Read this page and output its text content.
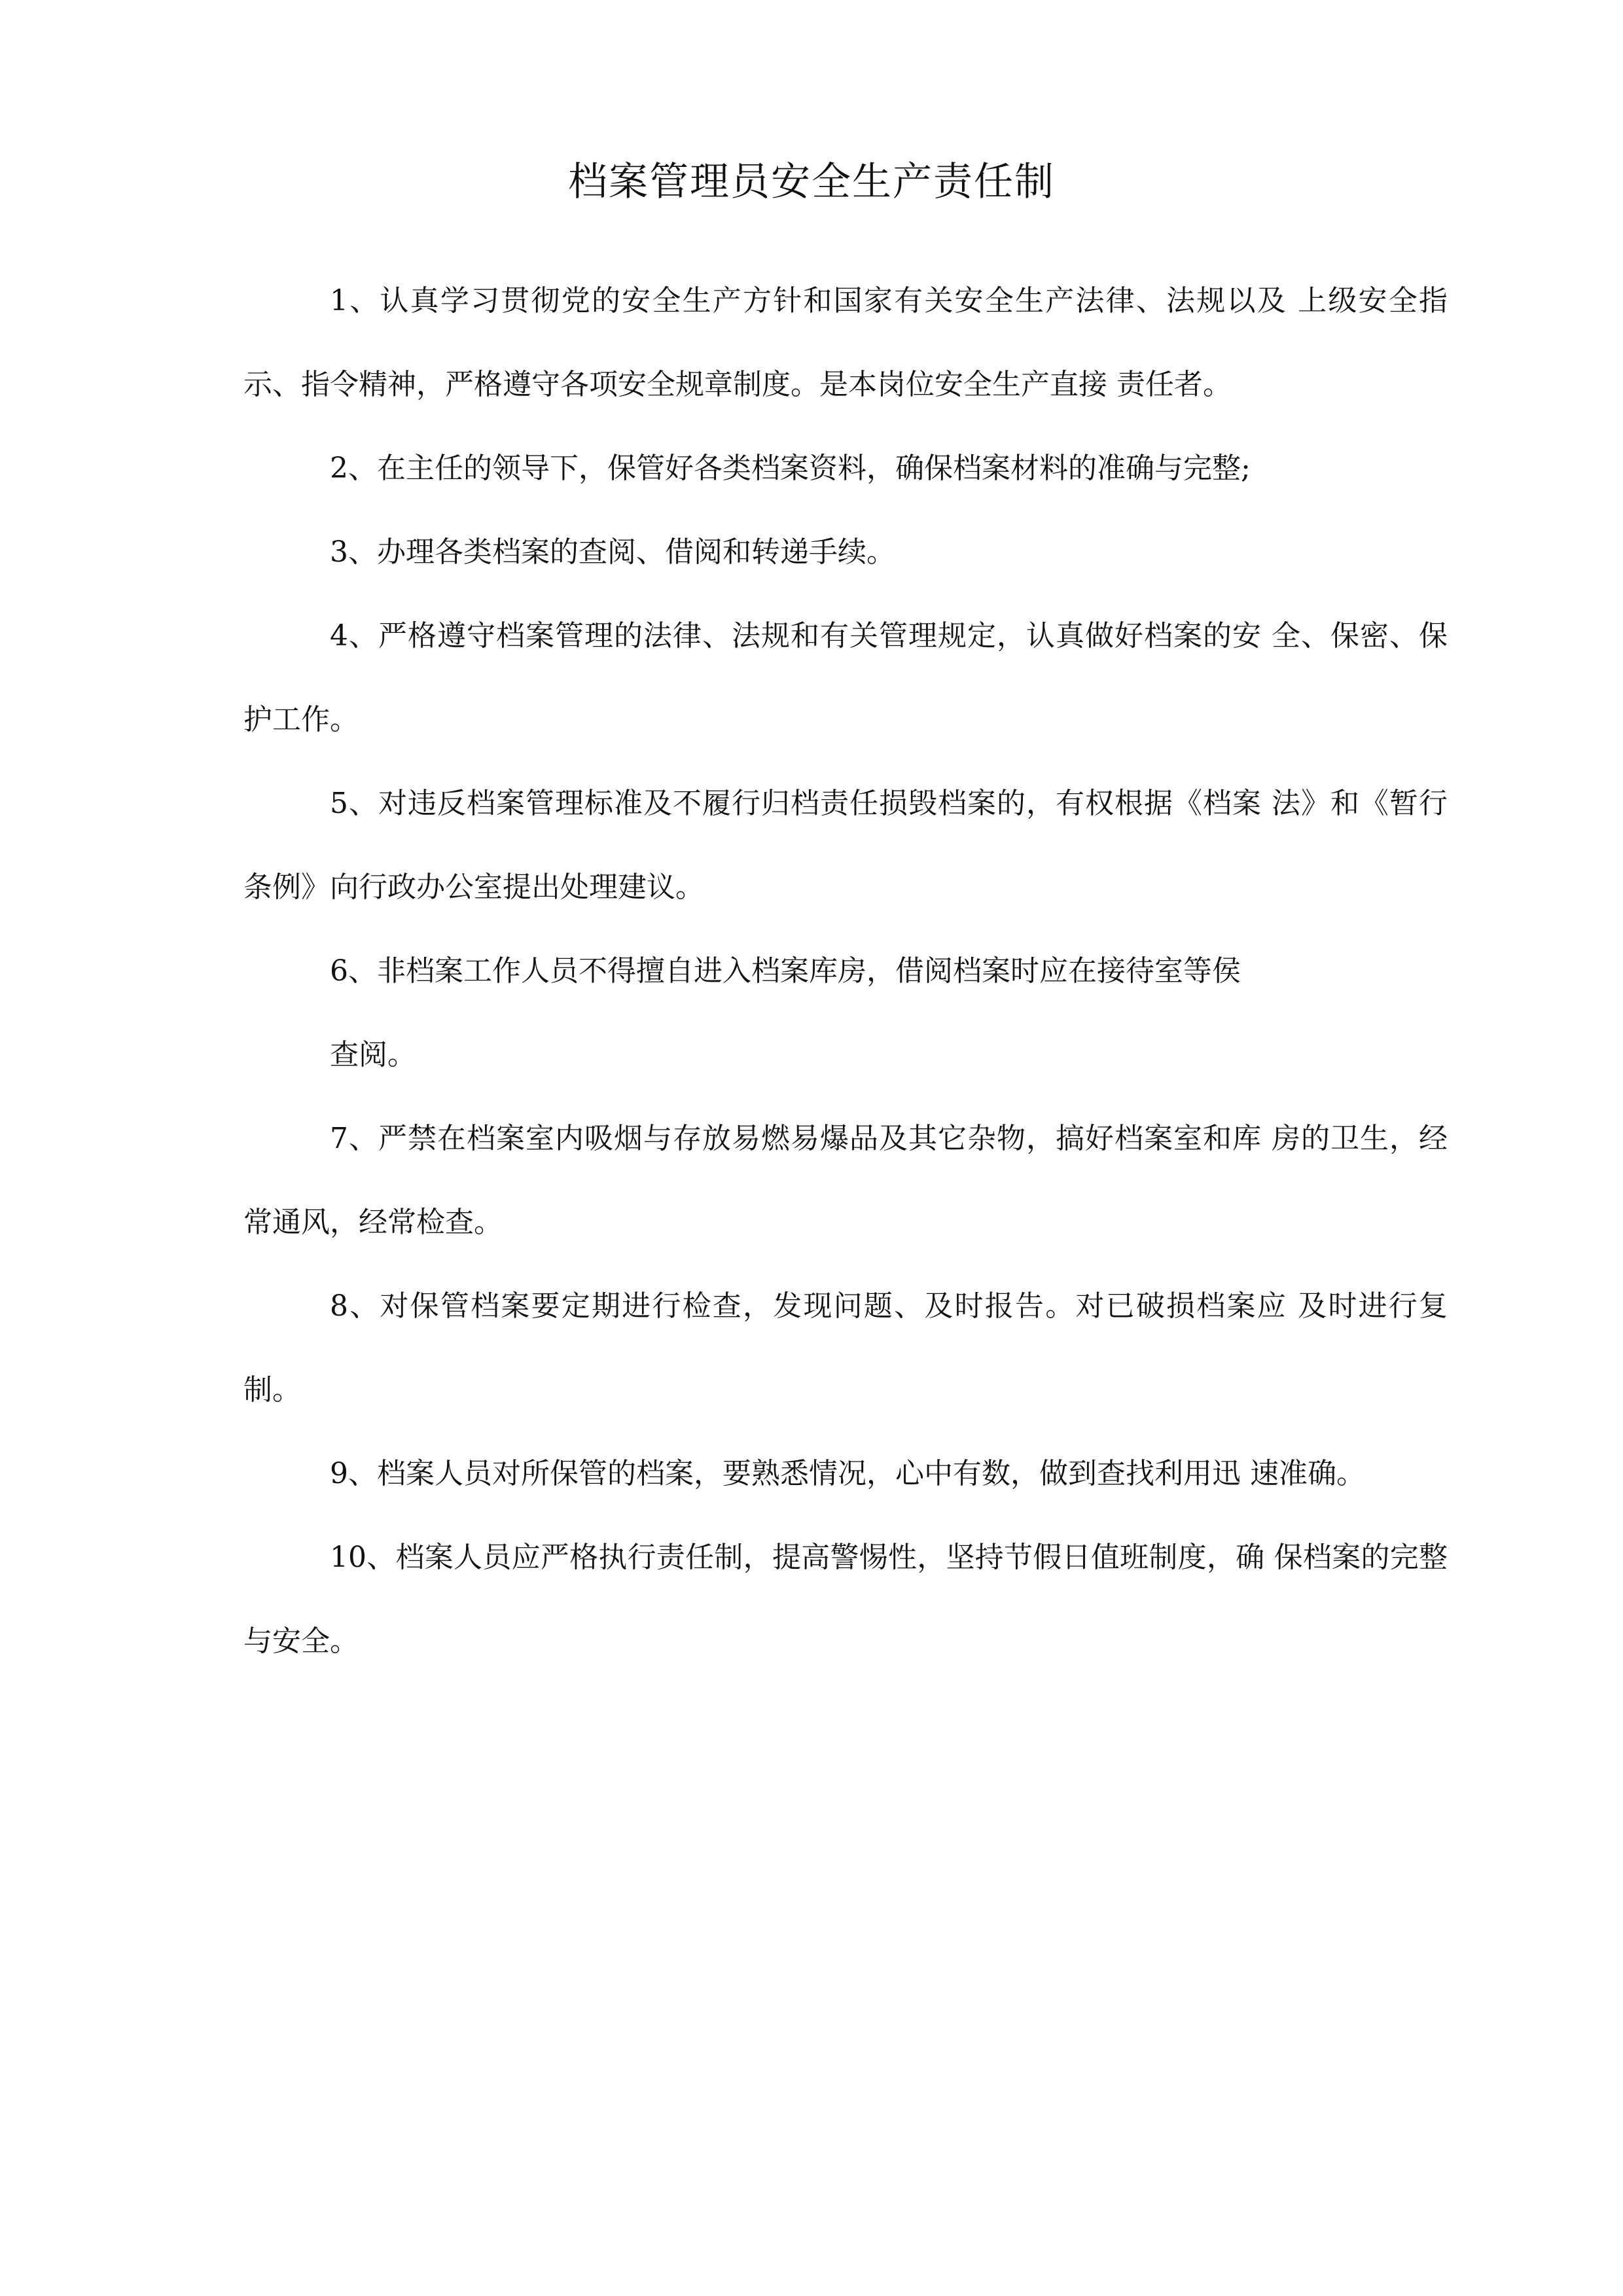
档案管理员安全生产责任制

1、认真学习贯彻党的安全生产方针和国家有关安全生产法律、法规以及 上级安全指示、指令精神，严格遵守各项安全规章制度。是本岗位安全生产直接 责任者。

2、在主任的领导下，保管好各类档案资料，确保档案材料的准确与完整;

3、办理各类档案的查阅、借阅和转递手续。

4、严格遵守档案管理的法律、法规和有关管理规定，认真做好档案的安 全、保密、保护工作。

5、对违反档案管理标准及不履行归档责任损毁档案的，有权根据《档案 法》和《暂行条例》向行政办公室提出处理建议。

6、非档案工作人员不得擅自进入档案库房，借阅档案时应在接待室等侯

查阅。

7、严禁在档案室内吸烟与存放易燃易爆品及其它杂物，搞好档案室和库 房的卫生，经常通风，经常检查。

8、对保管档案要定期进行检查，发现问题、及时报告。对已破损档案应 及时进行复制。

9、档案人员对所保管的档案，要熟悉情况，心中有数，做到查找利用迅 速准确。

10、档案人员应严格执行责任制，提高警惕性，坚持节假日值班制度，确 保档案的完整与安全。
